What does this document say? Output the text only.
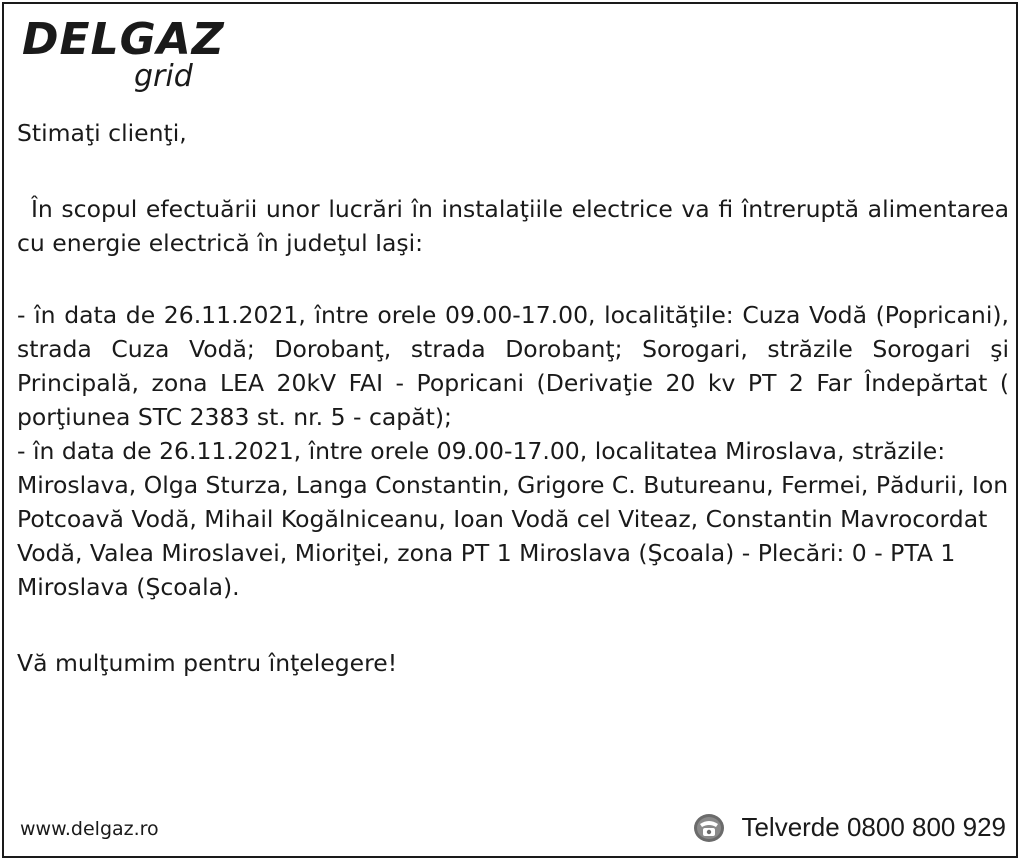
DELGAZ
grid

Stimaţi clienţi,

În scopul efectuării unor lucrări în instalaţiile electrice va fi întreruptă alimentarea cu energie electrică în judeţul Iaşi:

- în data de 26.11.2021, între orele 09.00-17.00, localităţile: Cuza Vodă (Popricani), strada Cuza Vodă; Dorobanţ, strada Dorobanţ; Sorogari, străzile Sorogari şi Principală, zona LEA 20kV FAI - Popricani (Derivaţie 20 kv PT 2 Far Îndepărtat ( porţiunea STC 2383 st. nr. 5 - capăt);

- în data de 26.11.2021, între orele 09.00-17.00, localitatea Miroslava, străzile: Miroslava, Olga Sturza, Langa Constantin, Grigore C. Butureanu, Fermei, Pădurii, Ion Potcoavă Vodă, Mihail Kogălniceanu, Ioan Vodă cel Viteaz, Constantin Mavrocordat Vodă, Valea Miroslavei, Mioriţei, zona PT 1 Miroslava (Şcoala) - Plecări: 0 - PTA 1 Miroslava (Şcoala).

Vă mulţumim pentru înţelegere!

www.delgaz.ro	Telverde 0800 800 929
